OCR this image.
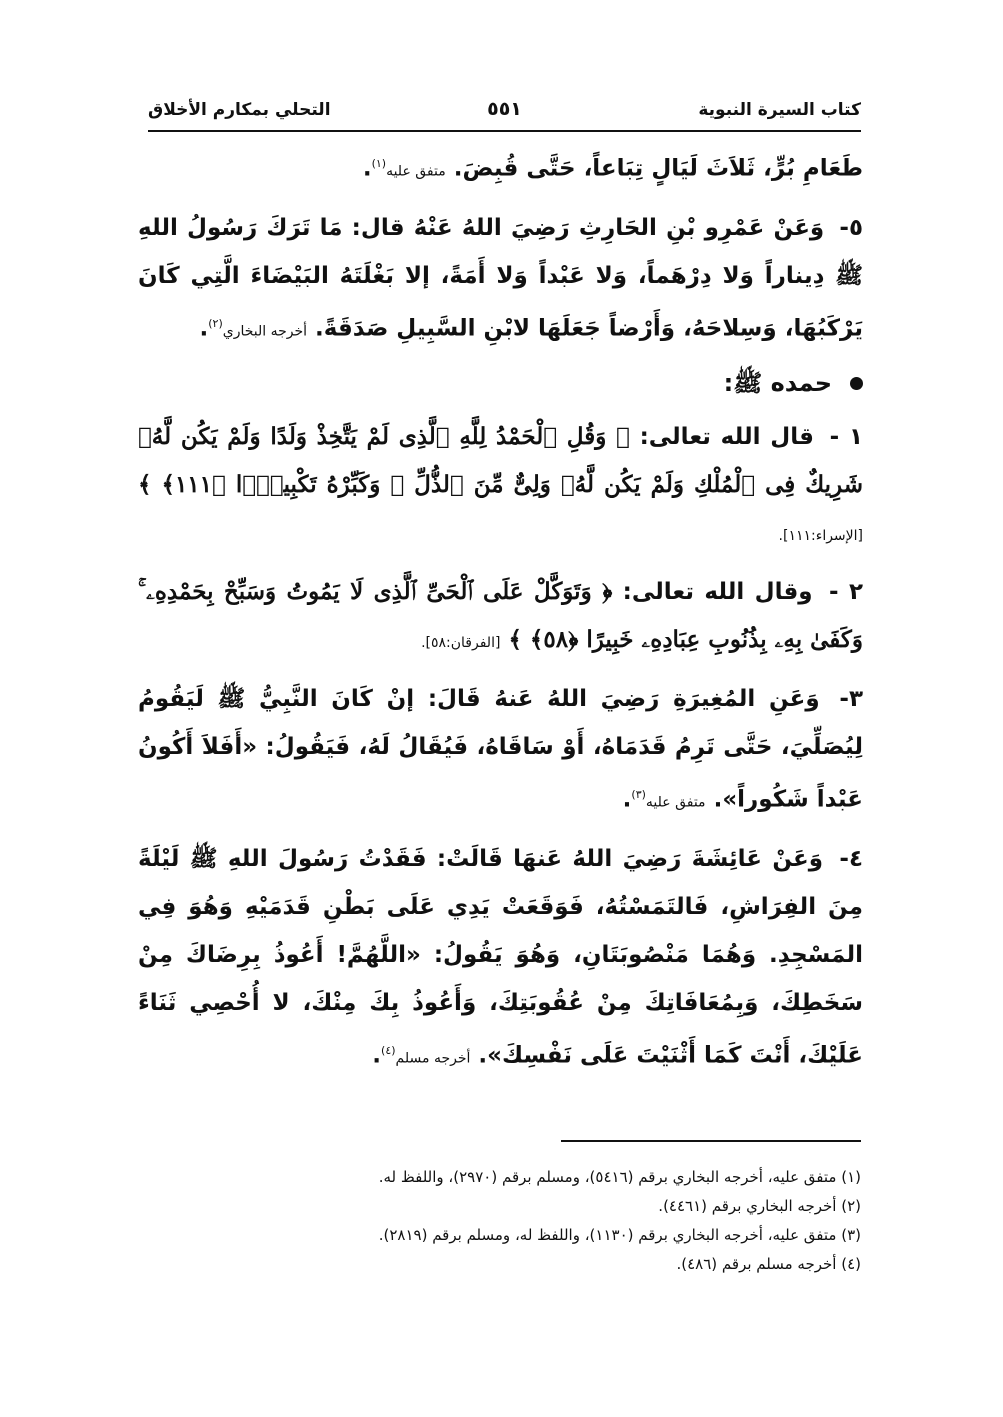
كتاب السيرة النبوية
٥٥١
التحلي بمكارم الأخلاق

طَعَامِ بُرٍّ، ثَلاَثَ لَيَالٍ تِبَاعاً، حَتَّى قُبِضَ. متفق عليه$^{(١)}$.

٥- وَعَنْ عَمْرِو بْنِ الحَارِثِ رَضِيَ اللهُ عَنْهُ قال: مَا تَرَكَ رَسُولُ اللهِ ﷺ دِيناراً وَلا دِرْهَماً، وَلا عَبْداً وَلا أَمَةً، إلا بَغْلَتَهُ البَيْضَاءَ الَّتِي كَانَ يَرْكَبُهَا، وَسِلاحَهُ، وَأَرْضاً جَعَلَهَا لابْنِ السَّبِيلِ صَدَقَةً. أخرجه البخاري$^{(٢)}$.

حمده ﷺ:

١ - قال الله تعالى: ﴿ وَقُلِ ٱلْحَمْدُ لِلَّهِ ٱلَّذِى لَمْ يَتَّخِذْ وَلَدًا وَلَمْ يَكُن لَّهُۥ شَرِيكٌ فِى ٱلْمُلْكِ وَلَمْ يَكُن لَّهُۥ وَلِىٌّ مِّنَ ٱلذُّلِّ ۖ وَكَبِّرْهُ تَكْبِيرًۢا ﴿١١١﴾ ﴾ [الإسراء:١١١].

٢ - وقال الله تعالى: ﴿ وَتَوَكَّلْ عَلَى ٱلْحَىِّ ٱلَّذِى لَا يَمُوتُ وَسَبِّحْ بِحَمْدِهِۦ ۚ وَكَفَىٰ بِهِۦ بِذُنُوبِ عِبَادِهِۦ خَبِيرًا ﴿٥٨﴾ ﴾ [الفرقان:٥٨].

٣- وَعَنِ المُغِيرَةِ رَضِيَ اللهُ عَنهُ قَالَ: إنْ كَانَ النَّبِيُّ ﷺ لَيَقُومُ لِيُصَلِّيَ، حَتَّى تَرِمُ قَدَمَاهُ، أَوْ سَاقَاهُ، فَيُقَالُ لَهُ، فَيَقُولُ: «أَفَلاَ أَكُونُ عَبْداً شَكُوراً». متفق عليه$^{(٣)}$.

٤- وَعَنْ عَائِشَةَ رَضِيَ اللهُ عَنهَا قَالَتْ: فَقَدْتُ رَسُولَ اللهِ ﷺ لَيْلَةً مِنَ الفِرَاشِ، فَالتَمَسْتُهُ، فَوَقَعَتْ يَدِي عَلَى بَطْنِ قَدَمَيْهِ وَهُوَ فِي المَسْجِدِ. وَهُمَا مَنْصُوبَتَانِ، وَهُوَ يَقُولُ: «اللَّهُمَّ! أَعُوذُ بِرِضَاكَ مِنْ سَخَطِكَ، وَبِمُعَافَاتِكَ مِنْ عُقُوبَتِكَ، وَأَعُوذُ بِكَ مِنْكَ، لا أُحْصِي ثَنَاءً عَلَيْكَ، أَنْتَ كَمَا أَثْنَيْتَ عَلَى نَفْسِكَ». أخرجه مسلم$^{(٤)}$.

(١) متفق عليه، أخرجه البخاري برقم (٥٤١٦)، ومسلم برقم (٢٩٧٠)، واللفظ له.
(٢) أخرجه البخاري برقم (٤٤٦١).
(٣) متفق عليه، أخرجه البخاري برقم (١١٣٠)، واللفظ له، ومسلم برقم (٢٨١٩).
(٤) أخرجه مسلم برقم (٤٨٦).
